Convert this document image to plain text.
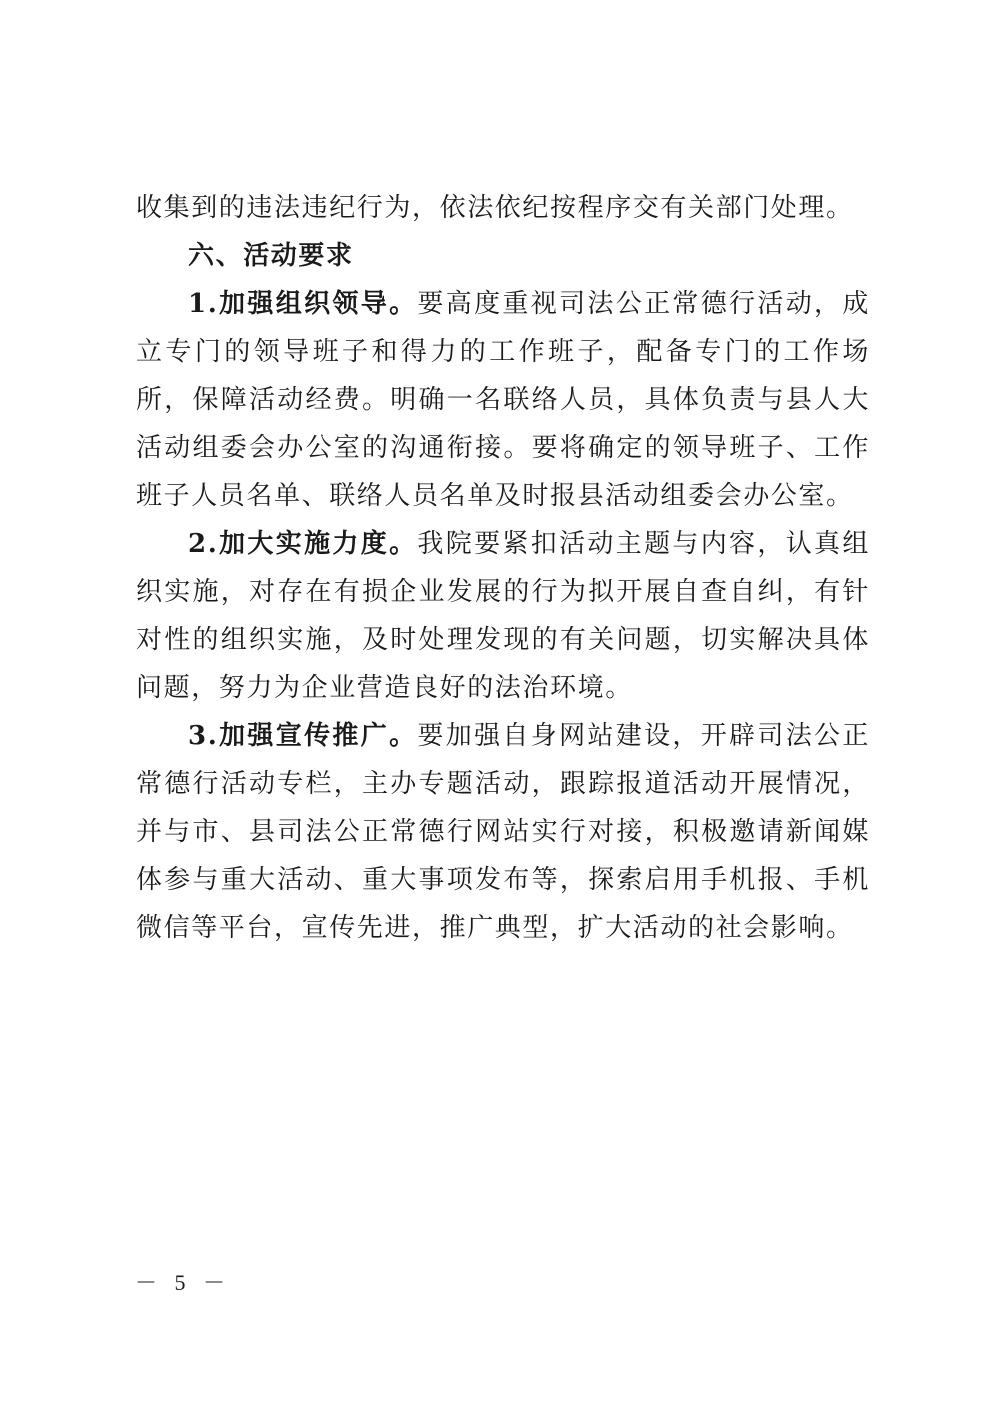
收集到的违法违纪行为，依法依纪按程序交有关部门处理。

六、活动要求

1.加强组织领导。要高度重视司法公正常德行活动，成立专门的领导班子和得力的工作班子，配备专门的工作场所，保障活动经费。明确一名联络人员，具体负责与县人大活动组委会办公室的沟通衔接。要将确定的领导班子、工作班子人员名单、联络人员名单及时报县活动组委会办公室。

2.加大实施力度。我院要紧扣活动主题与内容，认真组织实施，对存在有损企业发展的行为拟开展自查自纠，有针对性的组织实施，及时处理发现的有关问题，切实解决具体问题，努力为企业营造良好的法治环境。

3.加强宣传推广。要加强自身网站建设，开辟司法公正常德行活动专栏，主办专题活动，跟踪报道活动开展情况，并与市、县司法公正常德行网站实行对接，积极邀请新闻媒体参与重大活动、重大事项发布等，探索启用手机报、手机微信等平台，宣传先进，推广典型，扩大活动的社会影响。

－ 5 －
